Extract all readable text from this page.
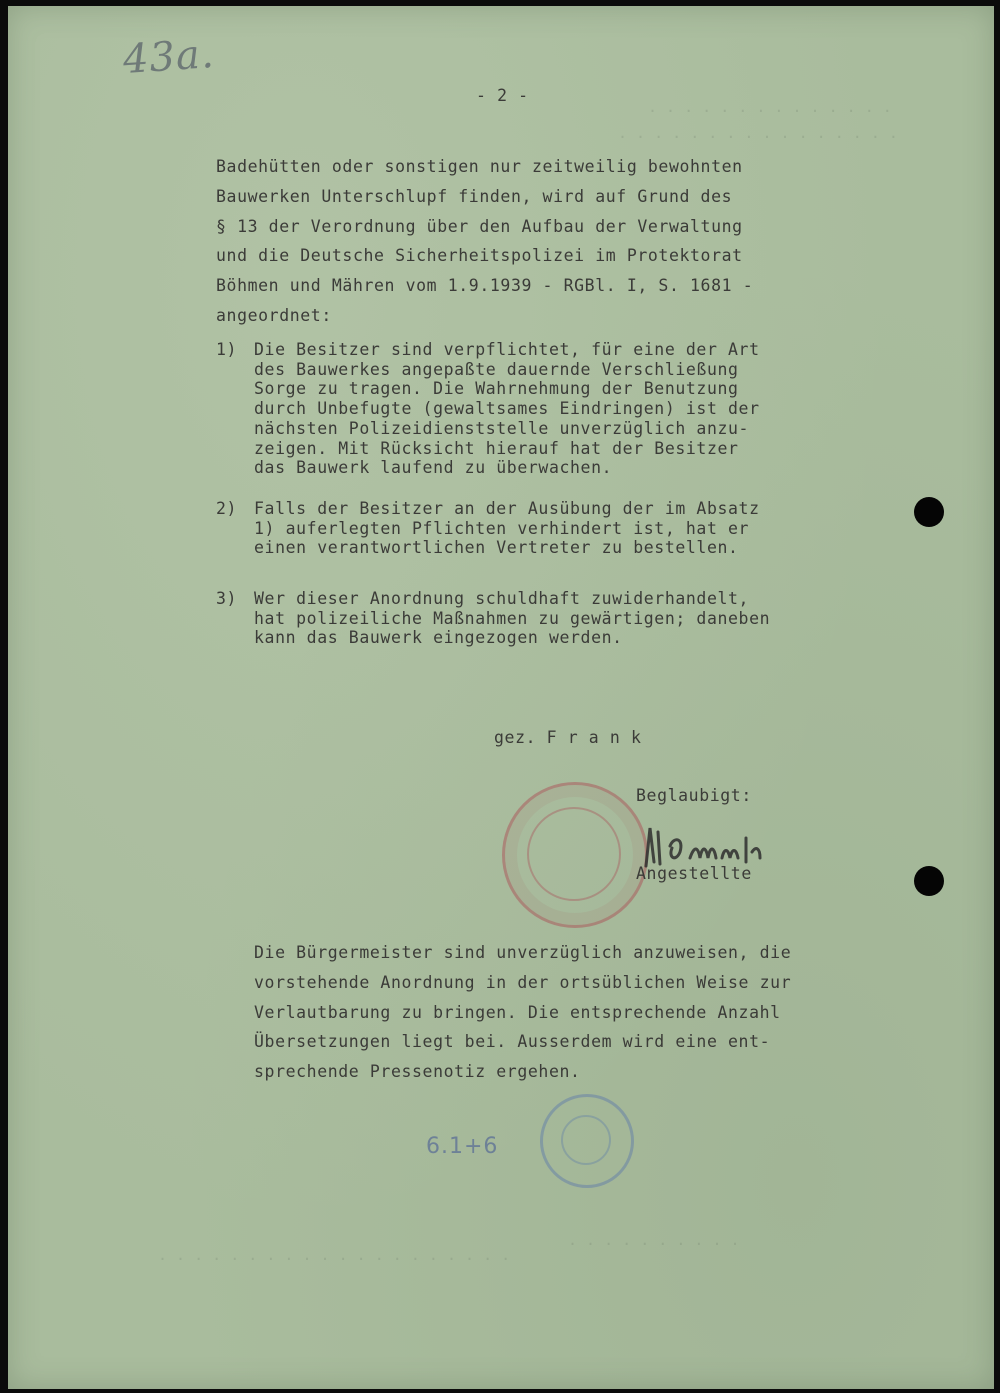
43a.
- 2 -
. . . . . . . . . . . . . .
. . . . . . . . . . . . . . . .
Badehütten oder sonstigen nur zeitweilig bewohnten
Bauwerken Unterschlupf finden, wird auf Grund des
§ 13 der Verordnung über den Aufbau der Verwaltung
und die Deutsche Sicherheitspolizei im Protektorat
Böhmen und Mähren vom 1.9.1939 - RGBl. I, S. 1681 -
angeordnet:
1) Die Besitzer sind verpflichtet, für eine der Art
des Bauwerkes angepaßte dauernde Verschließung
Sorge zu tragen. Die Wahrnehmung der Benutzung
durch Unbefugte (gewaltsames Eindringen) ist der
nächsten Polizeidienststelle unverzüglich anzu-
zeigen. Mit Rücksicht hierauf hat der Besitzer
das Bauwerk laufend zu überwachen.
2) Falls der Besitzer an der Ausübung der im Absatz
1) auferlegten Pflichten verhindert ist, hat er
einen verantwortlichen Vertreter zu bestellen.
3) Wer dieser Anordnung schuldhaft zuwiderhandelt,
hat polizeiliche Maßnahmen zu gewärtigen; daneben
kann das Bauwerk eingezogen werden.
gez. F r a n k
Beglaubigt:
Angestellte
Die Bürgermeister sind unverzüglich anzuweisen, die
vorstehende Anordnung in der ortsüblichen Weise zur
Verlautbarung zu bringen. Die entsprechende Anzahl
Übersetzungen liegt bei. Ausserdem wird eine ent-
sprechende Pressenotiz ergehen.
6.1+6
. . . . . . . . . . . . . . . . . . . .
. . . . . . . . . .
